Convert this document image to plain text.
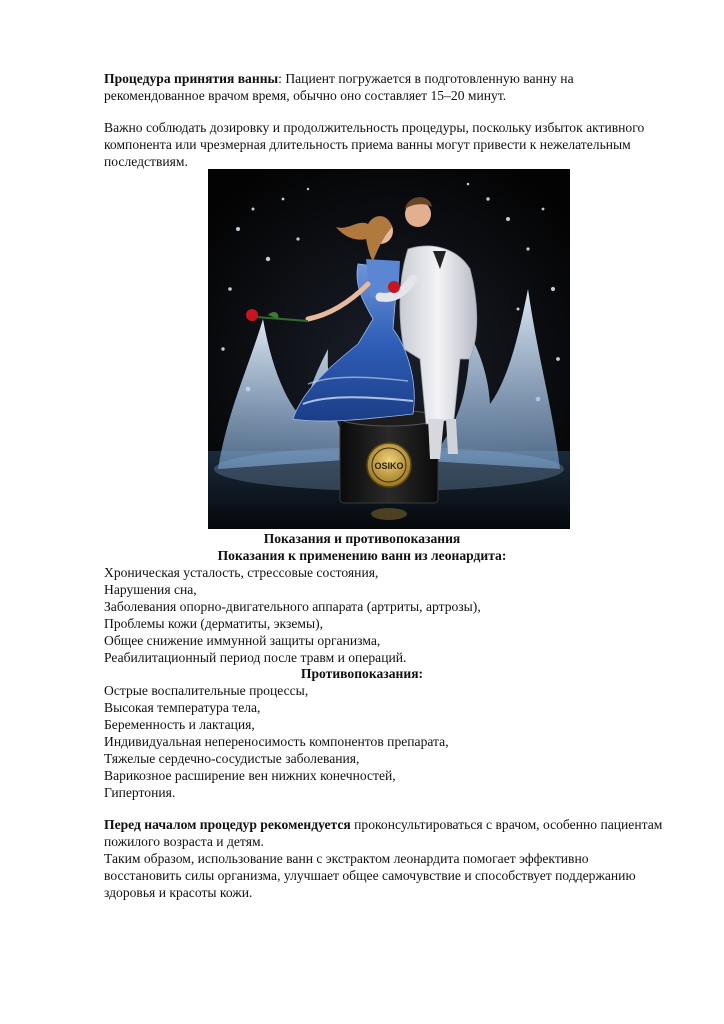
Процедура принятия ванны: Пациент погружается в подготовленную ванну на рекомендованное врачом время, обычно оно составляет 15–20 минут.

Важно соблюдать дозировку и продолжительность процедуры, поскольку избыток активного компонента или чрезмерная длительность приема ванны могут привести к нежелательным последствиям.

OSIKO

Показания и противопоказания

Показания к применению ванн из леонардита:

Хроническая усталость, стрессовые состояния,
Нарушения сна,
Заболевания опорно-двигательного аппарата (артриты, артрозы),
Проблемы кожи (дерматиты, экземы),
Общее снижение иммунной защиты организма,
Реабилитационный период после травм и операций.

Противопоказания:

Острые воспалительные процессы,
Высокая температура тела,
Беременность и лактация,
Индивидуальная непереносимость компонентов препарата,
Тяжелые сердечно-сосудистые заболевания,
Варикозное расширение вен нижних конечностей,
Гипертония.

Перед началом процедур рекомендуется проконсультироваться с врачом, особенно пациентам пожилого возраста и детям.

Таким образом, использование ванн с экстрактом леонардита помогает эффективно восстановить силы организма, улучшает общее самочувствие и способствует поддержанию здоровья и красоты кожи.
